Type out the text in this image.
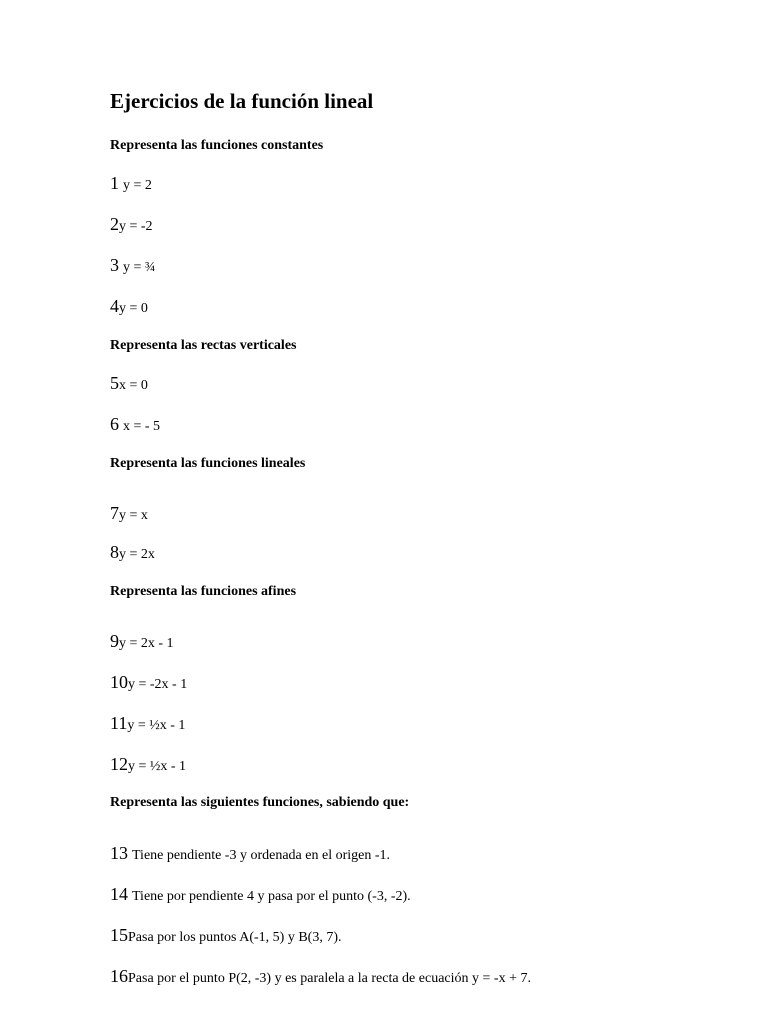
Ejercicios de la función lineal
Representa las funciones constantes
1 y = 2
2y = -2
3 y = ¾
4y = 0
Representa las rectas verticales
5x = 0
6 x = - 5
Representa las funciones lineales
7y = x
8y = 2x
Representa las funciones afines
9y = 2x - 1
10y = -2x - 1
11y = ½x - 1
12y = ½x - 1
Representa las siguientes funciones, sabiendo que:
13 Tiene pendiente -3 y ordenada en el origen -1.
14 Tiene por pendiente 4 y pasa por el punto (-3, -2).
15Pasa por los puntos A(-1, 5) y B(3, 7).
16Pasa por el punto P(2, -3) y es paralela a la recta de ecuación y = -x + 7.
